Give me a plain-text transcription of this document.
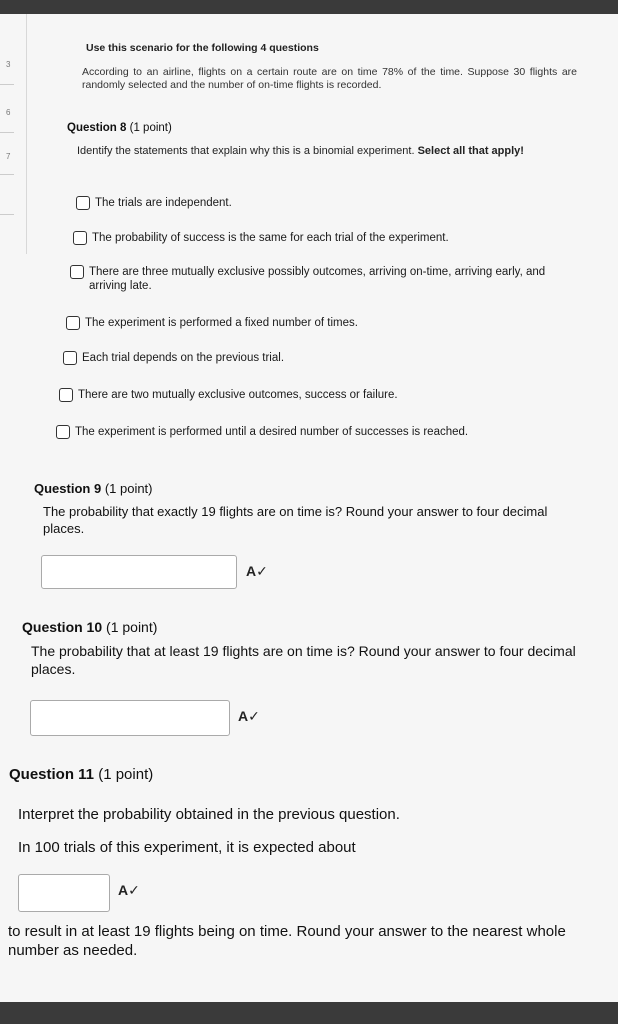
3
6
7
Use this scenario for the following 4 questions
According to an airline, flights on a certain route are on time 78% of the time. Suppose 30 flights are randomly selected and the number of on-time flights is recorded.
Question 8 (1 point)
Identify the statements that explain why this is a binomial experiment. Select all that apply!
The trials are independent.
The probability of success is the same for each trial of the experiment.
There are three mutually exclusive possibly outcomes, arriving on-time, arriving early, and arriving late.
The experiment is performed a fixed number of times.
Each trial depends on the previous trial.
There are two mutually exclusive outcomes, success or failure.
The experiment is performed until a desired number of successes is reached.
Question 9 (1 point)
The probability that exactly 19 flights are on time is? Round your answer to four decimal places.
A✓
Question 10 (1 point)
The probability that at least 19 flights are on time is? Round your answer to four decimal places.
A✓
Question 11 (1 point)
Interpret the probability obtained in the previous question.
In 100 trials of this experiment, it is expected about
A✓
to result in at least 19 flights being on time. Round your answer to the nearest whole number as needed.
